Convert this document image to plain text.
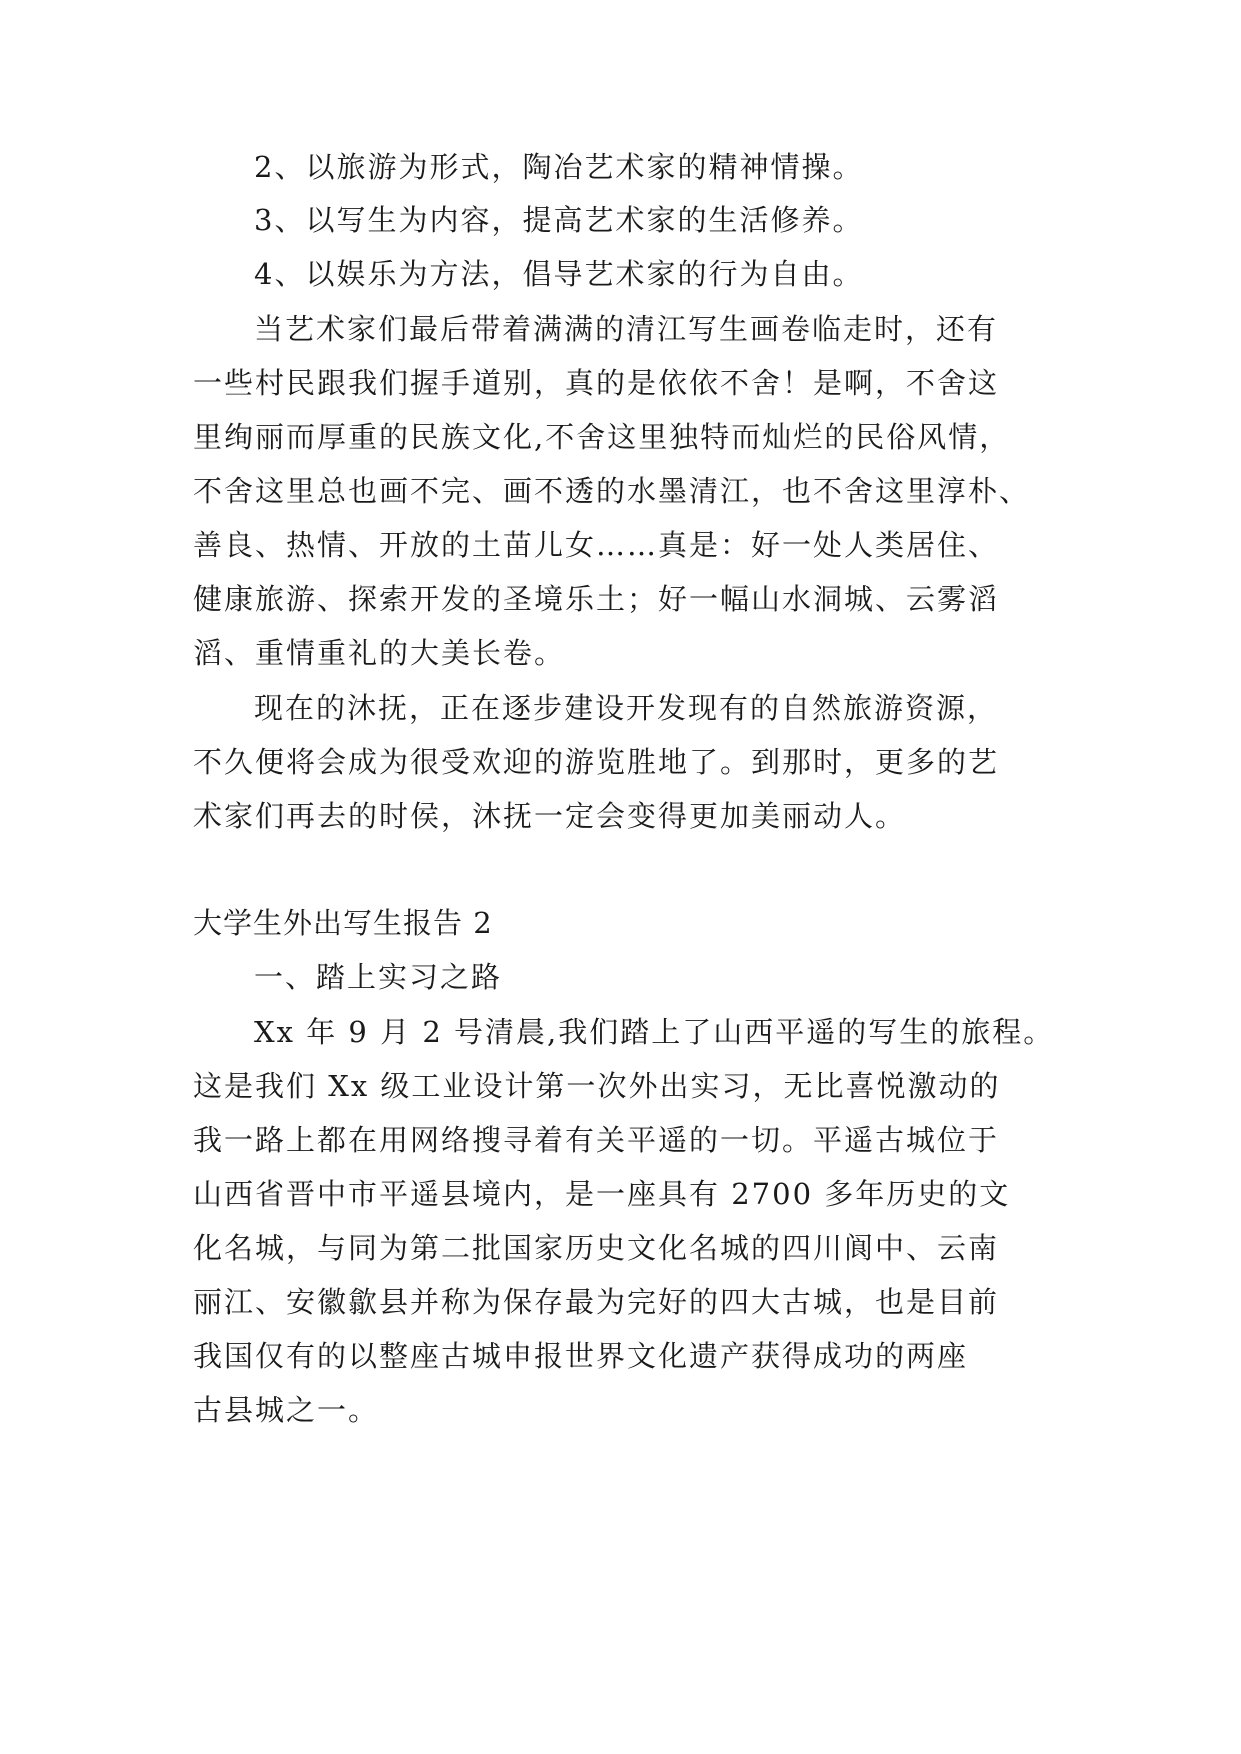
2、以旅游为形式，陶冶艺术家的精神情操。
3、以写生为内容，提高艺术家的生活修养。
4、以娱乐为方法，倡导艺术家的行为自由。
当艺术家们最后带着满满的清江写生画卷临走时，还有
一些村民跟我们握手道别，真的是依依不舍！是啊，不舍这
里绚丽而厚重的民族文化,不舍这里独特而灿烂的民俗风情，
不舍这里总也画不完、画不透的水墨清江，也不舍这里淳朴、
善良、热情、开放的土苗儿女……真是：好一处人类居住、
健康旅游、探索开发的圣境乐土；好一幅山水洞城、云雾滔
滔、重情重礼的大美长卷。
现在的沐抚，正在逐步建设开发现有的自然旅游资源，
不久便将会成为很受欢迎的游览胜地了。到那时，更多的艺
术家们再去的时侯，沐抚一定会变得更加美丽动人。
大学生外出写生报告 2
一、踏上实习之路
Xx 年 9 月 2 号清晨,我们踏上了山西平遥的写生的旅程。
这是我们 Xx 级工业设计第一次外出实习，无比喜悦激动的
我一路上都在用网络搜寻着有关平遥的一切。平遥古城位于
山西省晋中市平遥县境内，是一座具有 2700 多年历史的文
化名城，与同为第二批国家历史文化名城的四川阆中、云南
丽江、安徽歙县并称为保存最为完好的四大古城，也是目前
我国仅有的以整座古城申报世界文化遗产获得成功的两座
古县城之一。
